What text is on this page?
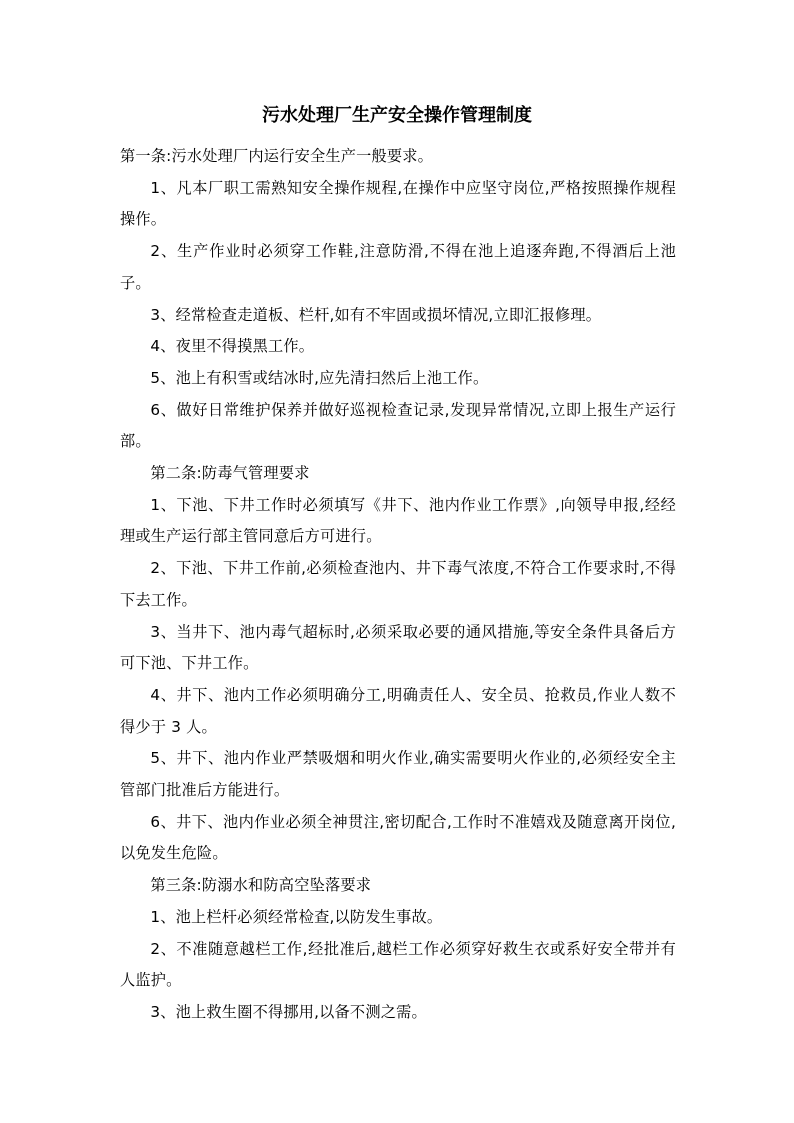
污水处理厂生产安全操作管理制度

第一条:污水处理厂内运行安全生产一般要求。

1、凡本厂职工需熟知安全操作规程,在操作中应坚守岗位,严格按照操作规程操作。

2、生产作业时必须穿工作鞋,注意防滑,不得在池上追逐奔跑,不得酒后上池子。

3、经常检查走道板、栏杆,如有不牢固或损坏情况,立即汇报修理。

4、夜里不得摸黑工作。

5、池上有积雪或结冰时,应先清扫然后上池工作。

6、做好日常维护保养并做好巡视检查记录,发现异常情况,立即上报生产运行部。

第二条:防毒气管理要求

1、下池、下井工作时必须填写《井下、池内作业工作票》,向领导申报,经经理或生产运行部主管同意后方可进行。

2、下池、下井工作前,必须检查池内、井下毒气浓度,不符合工作要求时,不得下去工作。

3、当井下、池内毒气超标时,必须采取必要的通风措施,等安全条件具备后方可下池、下井工作。

4、井下、池内工作必须明确分工,明确责任人、安全员、抢救员,作业人数不得少于 3 人。

5、井下、池内作业严禁吸烟和明火作业,确实需要明火作业的,必须经安全主管部门批准后方能进行。

6、井下、池内作业必须全神贯注,密切配合,工作时不准嬉戏及随意离开岗位,以免发生危险。

第三条:防溺水和防高空坠落要求

1、池上栏杆必须经常检查,以防发生事故。

2、不准随意越栏工作,经批准后,越栏工作必须穿好救生衣或系好安全带并有人监护。

3、池上救生圈不得挪用,以备不测之需。
